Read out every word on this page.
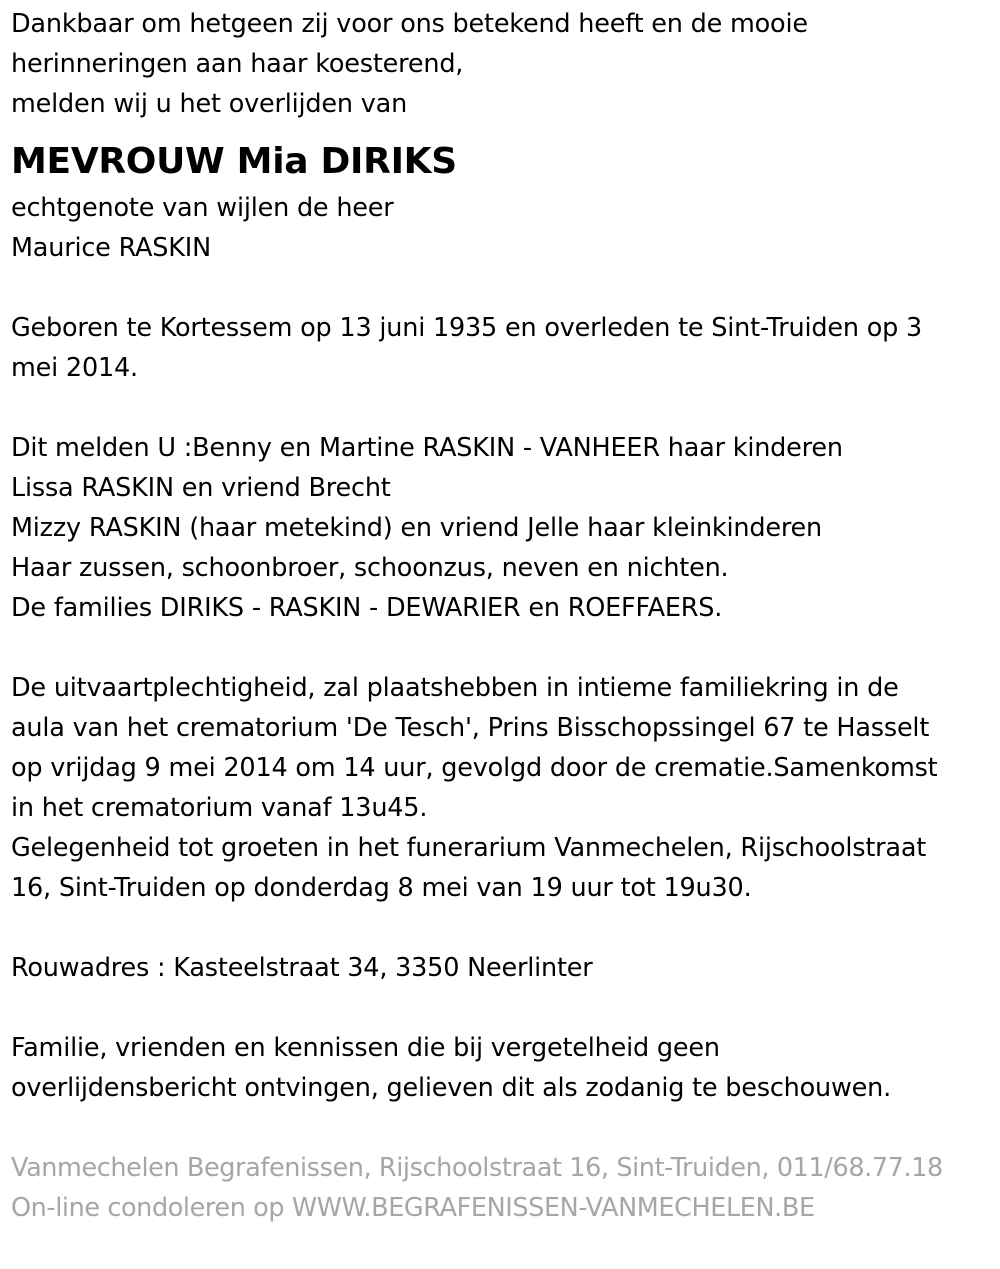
Dankbaar om hetgeen zij voor ons betekend heeft en de mooie
herinneringen aan haar koesterend,
melden wij u het overlijden van
MEVROUW Mia DIRIKS
echtgenote van wijlen de heer
Maurice RASKIN
Geboren te Kortessem op 13 juni 1935 en overleden te Sint-Truiden op 3
mei 2014.
Dit melden U :Benny en Martine RASKIN - VANHEER haar kinderen
Lissa RASKIN en vriend Brecht
Mizzy RASKIN (haar metekind) en vriend Jelle haar kleinkinderen
Haar zussen, schoonbroer, schoonzus, neven en nichten.
De families DIRIKS - RASKIN - DEWARIER en ROEFFAERS.
De uitvaartplechtigheid, zal plaatshebben in intieme familiekring in de
aula van het crematorium 'De Tesch', Prins Bisschopssingel 67 te Hasselt
op vrijdag 9 mei 2014 om 14 uur, gevolgd door de crematie.Samenkomst
in het crematorium vanaf 13u45.
Gelegenheid tot groeten in het funerarium Vanmechelen, Rijschoolstraat
16, Sint-Truiden op donderdag 8 mei van 19 uur tot 19u30.
Rouwadres : Kasteelstraat 34, 3350 Neerlinter
Familie, vrienden en kennissen die bij vergetelheid geen
overlijdensbericht ontvingen, gelieven dit als zodanig te beschouwen.
Vanmechelen Begrafenissen, Rijschoolstraat 16, Sint-Truiden, 011/68.77.18
On-line condoleren op WWW.BEGRAFENISSEN-VANMECHELEN.BE
